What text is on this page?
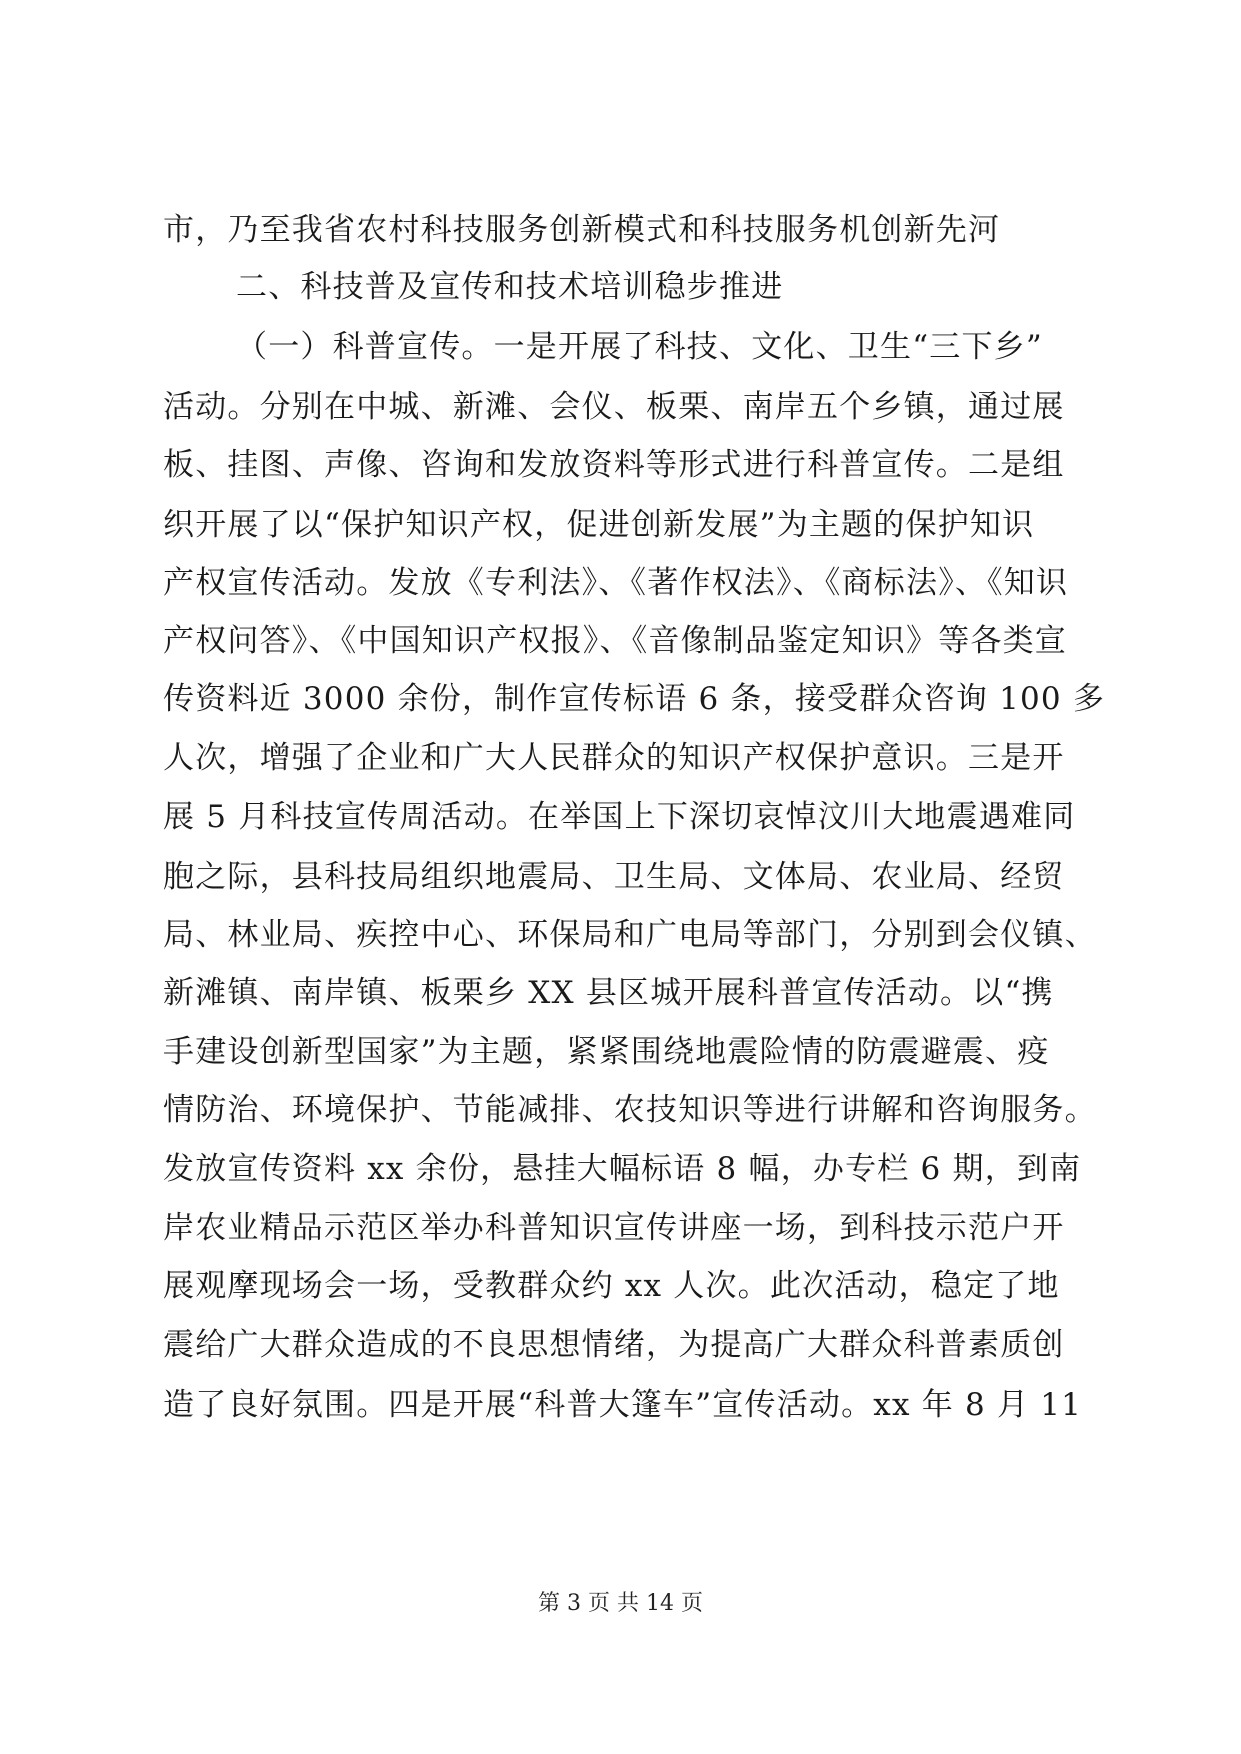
市，乃至我省农村科技服务创新模式和科技服务机创新先河
二、科技普及宣传和技术培训稳步推进
（一）科普宣传。一是开展了科技、文化、卫生“三下乡”
活动。分别在中城、新滩、会仪、板栗、南岸五个乡镇，通过展
板、挂图、声像、咨询和发放资料等形式进行科普宣传。二是组
织开展了以“保护知识产权，促进创新发展”为主题的保护知识
产权宣传活动。发放《专利法》、《著作权法》、《商标法》、《知识
产权问答》、《中国知识产权报》、《音像制品鉴定知识》等各类宣
传资料近 3000 余份，制作宣传标语 6 条，接受群众咨询 100 多
人次，增强了企业和广大人民群众的知识产权保护意识。三是开
展 5 月科技宣传周活动。在举国上下深切哀悼汶川大地震遇难同
胞之际，县科技局组织地震局、卫生局、文体局、农业局、经贸
局、林业局、疾控中心、环保局和广电局等部门，分别到会仪镇、
新滩镇、南岸镇、板栗乡 XX 县区城开展科普宣传活动。以“携
手建设创新型国家”为主题，紧紧围绕地震险情的防震避震、疫
情防治、环境保护、节能减排、农技知识等进行讲解和咨询服务。
发放宣传资料 xx 余份，悬挂大幅标语 8 幅，办专栏 6 期，到南
岸农业精品示范区举办科普知识宣传讲座一场，到科技示范户开
展观摩现场会一场，受教群众约 xx 人次。此次活动，稳定了地
震给广大群众造成的不良思想情绪，为提高广大群众科普素质创
造了良好氛围。四是开展“科普大篷车”宣传活动。xx 年 8 月 11
第 3 页 共 14 页
